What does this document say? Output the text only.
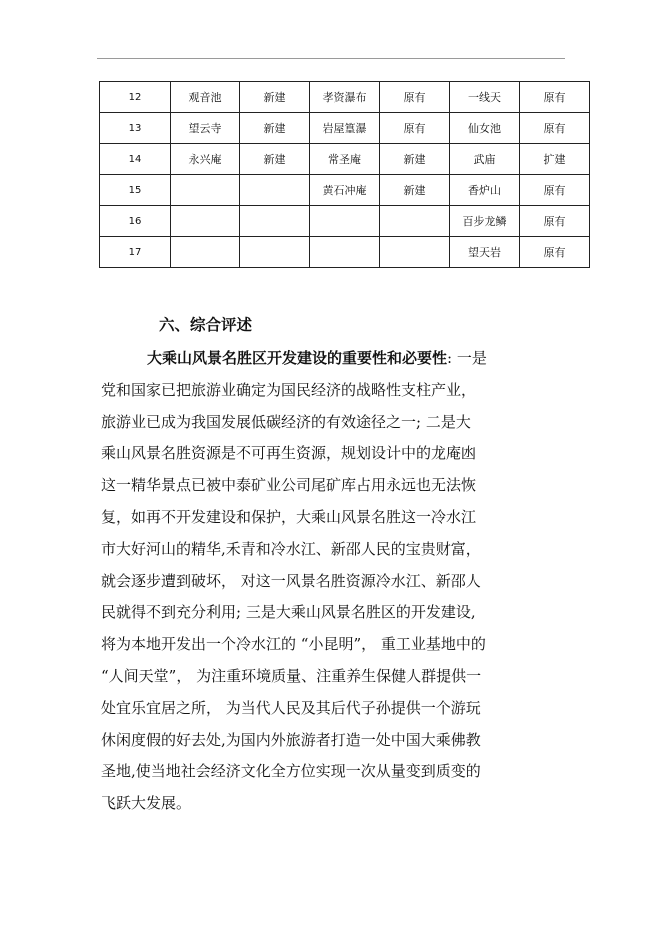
12	观音池	新建	孝资瀑布	原有	一线天	原有
13	望云寺	新建	岩屋篁瀑	原有	仙女池	原有
14	永兴庵	新建	常圣庵	新建	武庙	扩建
15			黄石冲庵	新建	香炉山	原有
16					百步龙鳞	原有
17					望天岩	原有
六、综合评述

大乘山风景名胜区开发建设的重要性和必要性: 一是

党和国家已把旅游业确定为国民经济的战略性支柱产业，

旅游业已成为我国发展低碳经济的有效途径之一; 二是大

乘山风景名胜资源是不可再生资源，规划设计中的龙庵凼

这一精华景点已被中泰矿业公司尾矿库占用永远也无法恢

复，如再不开发建设和保护，大乘山风景名胜这一冷水江

市大好河山的精华,禾青和冷水江、新邵人民的宝贵财富，

就会逐步遭到破坏， 对这一风景名胜资源冷水江、新邵人

民就得不到充分利用; 三是大乘山风景名胜区的开发建设,

将为本地开发出一个冷水江的 “小昆明”， 重工业基地中的

“人间天堂”， 为注重环境质量、注重养生保健人群提供一

处宜乐宜居之所， 为当代人民及其后代子孙提供一个游玩

休闲度假的好去处,为国内外旅游者打造一处中国大乘佛教

圣地,使当地社会经济文化全方位实现一次从量变到质变的

飞跃大发展。
